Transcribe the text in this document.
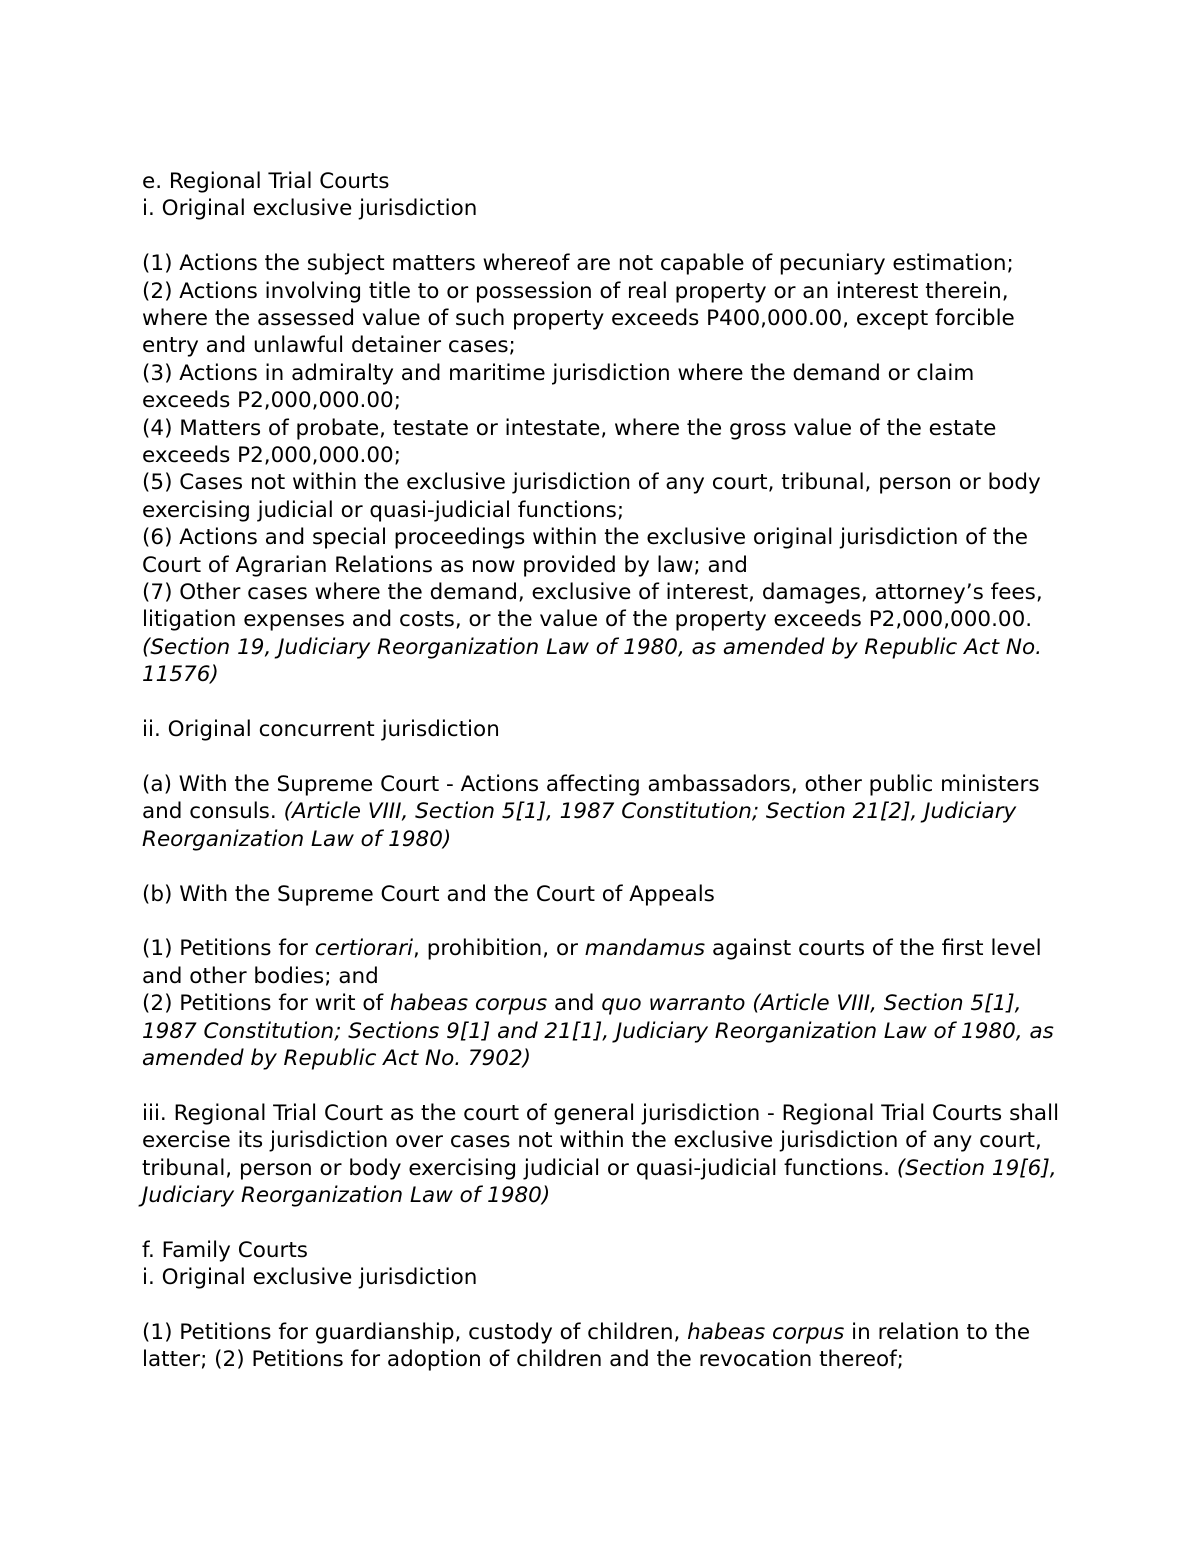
e. Regional Trial Courts

i. Original exclusive jurisdiction

(1) Actions the subject matters whereof are not capable of pecuniary estimation;

(2) Actions involving title to or possession of real property or an interest therein, where the assessed value of such property exceeds P400,000.00, except forcible entry and unlawful detainer cases;

(3) Actions in admiralty and maritime jurisdiction where the demand or claim exceeds P2,000,000.00;

(4) Matters of probate, testate or intestate, where the gross value of the estate exceeds P2,000,000.00;

(5) Cases not within the exclusive jurisdiction of any court, tribunal, person or body exercising judicial or quasi-judicial functions;

(6) Actions and special proceedings within the exclusive original jurisdiction of the Court of Agrarian Relations as now provided by law; and

(7) Other cases where the demand, exclusive of interest, damages, attorney’s fees, litigation expenses and costs, or the value of the property exceeds P2,000,000.00. (Section 19, Judiciary Reorganization Law of 1980, as amended by Republic Act No. 11576)

ii. Original concurrent jurisdiction

(a) With the Supreme Court - Actions affecting ambassadors, other public ministers and consuls. (Article VIII, Section 5[1], 1987 Constitution; Section 21[2], Judiciary Reorganization Law of 1980)

(b) With the Supreme Court and the Court of Appeals

(1) Petitions for certiorari, prohibition, or mandamus against courts of the first level and other bodies; and

(2) Petitions for writ of habeas corpus and quo warranto (Article VIII, Section 5[1], 1987 Constitution; Sections 9[1] and 21[1], Judiciary Reorganization Law of 1980, as amended by Republic Act No. 7902)

iii. Regional Trial Court as the court of general jurisdiction - Regional Trial Courts shall exercise its jurisdiction over cases not within the exclusive jurisdiction of any court, tribunal, person or body exercising judicial or quasi-judicial functions. (Section 19[6], Judiciary Reorganization Law of 1980)

f. Family Courts

i. Original exclusive jurisdiction

(1) Petitions for guardianship, custody of children, habeas corpus in relation to the latter; (2) Petitions for adoption of children and the revocation thereof;
